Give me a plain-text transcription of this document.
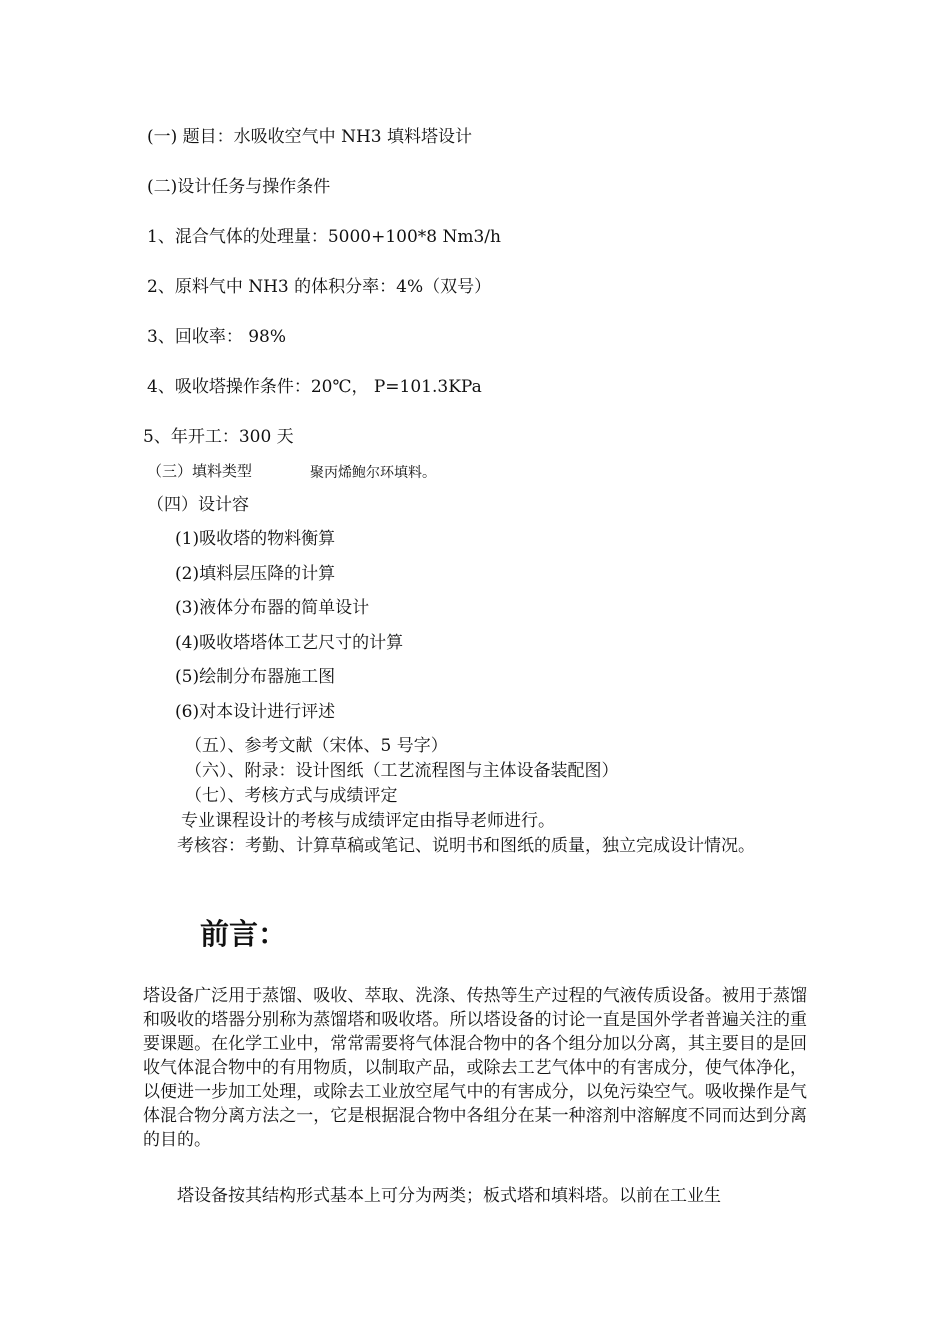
(一) 题目：水吸收空气中 NH3 填料塔设计
(二)设计任务与操作条件
1、混合气体的处理量：5000+100*8 Nm3/h
2、原料气中 NH3 的体积分率：4%（双号）
3、回收率： 98%
4、吸收塔操作条件：20℃， P=101.3KPa
5、年开工：300 天
（三）填料类型	聚丙烯鲍尔环填料。
（四）设计容
(1)吸收塔的物料衡算
(2)填料层压降的计算
(3)液体分布器的简单设计
(4)吸收塔塔体工艺尺寸的计算
(5)绘制分布器施工图
(6)对本设计进行评述
（五）、参考文献（宋体、5 号字）
（六）、附录：设计图纸（工艺流程图与主体设备装配图）
（七）、考核方式与成绩评定
专业课程设计的考核与成绩评定由指导老师进行。
考核容：考勤、计算草稿或笔记、说明书和图纸的质量，独立完成设计情况。
前言：
塔设备广泛用于蒸馏、吸收、萃取、洗涤、传热等生产过程的气液传质设备。被用于蒸馏和吸收的塔器分别称为蒸馏塔和吸收塔。所以塔设备的讨论一直是国外学者普遍关注的重要课题。在化学工业中，常常需要将气体混合物中的各个组分加以分离，其主要目的是回收气体混合物中的有用物质，以制取产品，或除去工艺气体中的有害成分，使气体净化，以便进一步加工处理，或除去工业放空尾气中的有害成分，以免污染空气。吸收操作是气体混合物分离方法之一，它是根据混合物中各组分在某一种溶剂中溶解度不同而达到分离的目的。
塔设备按其结构形式基本上可分为两类；板式塔和填料塔。以前在工业生
